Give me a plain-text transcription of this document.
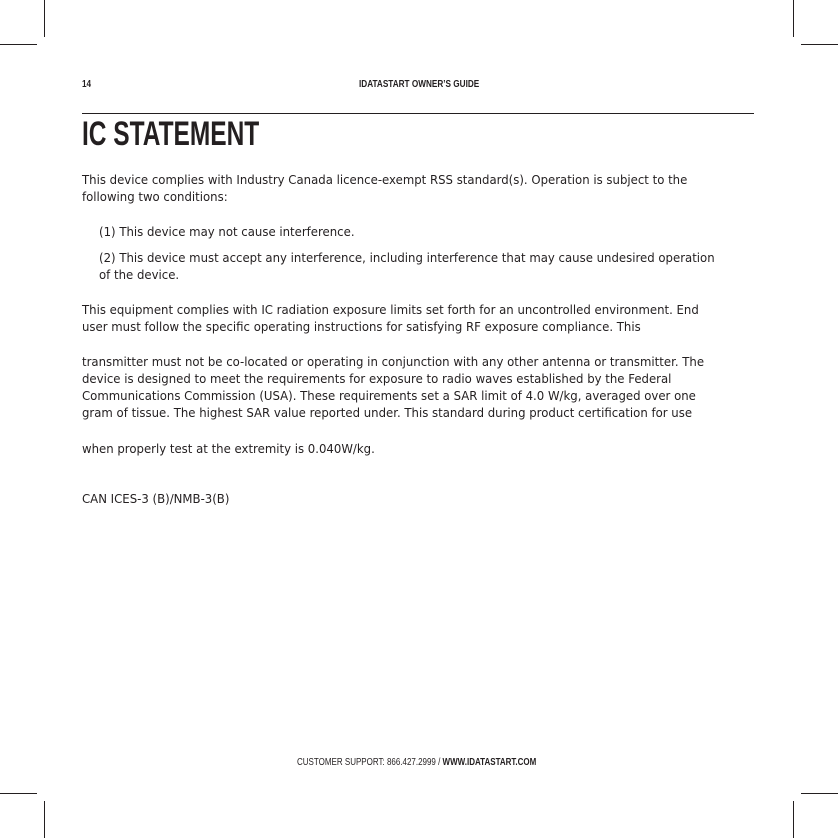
14	IDATASTART OWNER’S GUIDE
IC STATEMENT

This device complies with Industry Canada licence-exempt RSS standard(s). Operation is subject to the

following two conditions:

(1) This device may not cause interference.

(2) This device must accept any interference, including interference that may cause undesired operation

of the device.

This equipment complies with IC radiation exposure limits set forth for an uncontrolled environment. End

user must follow the specific operating instructions for satisfying RF exposure compliance. This

transmitter must not be co-located or operating in conjunction with any other antenna or transmitter. The

device is designed to meet the requirements for exposure to radio waves established by the Federal

Communications Commission (USA). These requirements set a SAR limit of 4.0 W/kg, averaged over one

gram of tissue. The highest SAR value reported under. This standard during product certification for use

when properly test at the extremity is 0.040W/kg.

CAN ICES-3 (B)/NMB-3(B)

CUSTOMER SUPPORT: 866.427.2999 / WWW.IDATASTART.COM
